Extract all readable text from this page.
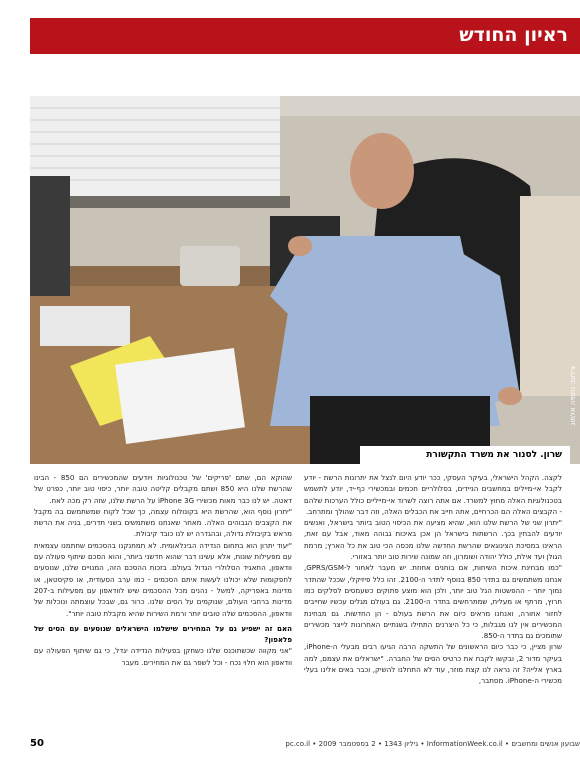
ראיון החודש
צילום: נחמיה אלמוג
שרון. לסנור את משרד התקשורת

לקצה. הקהל הישראלי, בעיקר העסקי, ככר יודע היום לנצל את יתרונות הרשת - יודע לקבל אי-מיילים במחשבים הניידים, בסלולריים חכמים ובמכשירי כף-יד, יודע לתשמש בטכנולוגיות האלה מחוץ למשרד. אם אתה רוצה לשרוד אי-מייליים כולל הערכות שלהם - הקבצים האלה הם הכרחיים, אתה חייב את הכבלים האלה, וזה דבר שהולך ומתרחב.

"יתרון שני של הרשת שלנו הוא, שהיא מציעה את הכיסוי הטוב ביותר בישראל, ואנשים יודעים להבחין בכך. הרשתות בישראל הן אכן באיכות גבוהה מאוד, אבל עם זאת, הראינו במסיכת הצינוגאים שהרשת החדשה שלנו מכסה הכי טוב את כל הארץ; מרמת הגולן ועד אילת, כולל יהודה ושומרון, וזה שמונה שירות טוב יותר באזורי.

"כמו מבחינת איכות השיחות, אם בוחנים אחוזת. יש מעבר לאחור ל-GPRS/GSM, אנחנו משתמשים גם בתדר 850 בנוסף לתדר ה-2100. זהו כלל פיזיקלי, שככל שהתדר נמוך יותר - ההפשטות הגל טוב יותר, ולכן הוא מוצע פתוקים כשעמסים לסלקים כמו חרוץ, מרתף או מעלית, שמתרחשים בתדר ה-2100. גם בעולם מגלים עכשיו שחייבים לחזור אחורה, ואנחנו מראים כיום את הרשת בעולם - הן החדשות. גם מבחינת המכשירים אין לנו מגבלות, כי כל היצרנים התחילו בשנתיים האחרונות לייצר מכשירים שתומכים גם בתדר ה-850.

שרון מציין, כי כבר כיום הראשונים של התשקה הרבה הגיעו רבים מבעלי ה-iPhone, בעיקר מדור 2, ובקשו לקבת את כרטיס הסים של החברה. "ישראלים את עצמם, למה בארץ אלייה? זה נראה לנו קצת מוזר, עוד לא התחלנו להשיק, וכבר באים אלינו בעלי מכשירי ה-iPhone. מסתבר,

שהוקא הם, שתם 'פריקים' של טכנולוגיות ויודעים שהמכשירים הם 850 - הבינו שהרשת שלנו היא 850 ושתם מקבלים קליטה טובה יותר, כיסוי טוב יותר, כפרט של דאטה. יש לנו כבר מאות מכשירי iPhone 3G על הרשת שלנו, שזה רק מכה לאח.

"יתרון נוסף הוא, שהרשת היא בקונולוח עצמה, כך שכל לקוח שמשתמשם בה מקבל את הקצבים הגבוהים האלה. מאחר שאנחנו משתמשים בשני תדרים, בניה את הרשת מראש בקיבולת גדולה, ובהגדרה יש לנו כובד קיבולת.

"יעוד יתרון הוא בתחום הנדידה הבינלאומית. לא תמחנקנו בהסכמים שחתמנו עצמאית עם מפעילות שונות, אלא עשינו דבר שהוא חדשני ביותר, והוא הסכם שיתוף פעולה עם וודאפון, התאגיד הסלולרי הגדול בעולם. בזכות ההסכם הזה, המנויים שלנו, שנוסעים לחפקומות שלא יכולנו לעשות איתם הסכמים - כמו ערב הסעודית, או פקיסטאן, או מדינות באפריקה, למשל - נהנים מכל ההסכמים שיש לוודאפון עם מפעילות ב-207 מדינות ברחבי העולם, שנוקמים על הסים שלנו. כרור גם, שבכל עוצמתה ונוכלות של וודאפון, ההסכמים שלה טובים יותר ורמת השירות שהיא מקבלת טובה יותר".

האם זה ישפיע גם על המחירים שישלמו הישראלים שנוסעים עם הסים של פלאפון?

"אני מקווה שכשתוכנס שלנו כשחקן בפעילות הנדידה יגדל, כי גם שיתוף הפעולה עם וודאפון הוא חלוי נכח - וכל לשפר גם את המחירים. מעבר

50	שבועון אנשים ומחשבים • InformationWeek.co.il • גיליון 1343 • 2 בספטמבר 2009 • pc.co.il
